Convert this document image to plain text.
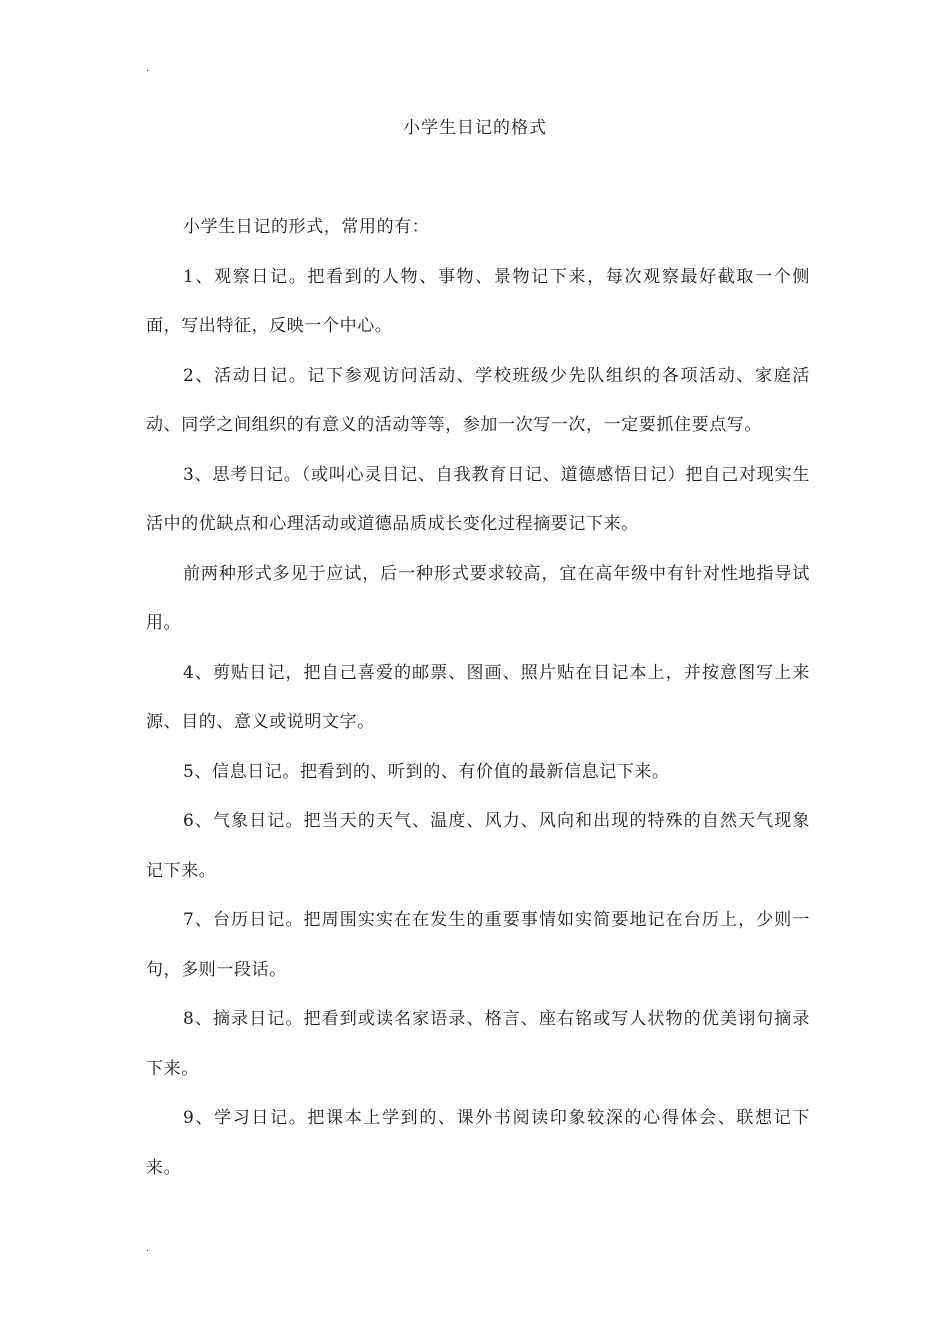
.
小学生日记的格式

小学生日记的形式，常用的有：

1、观察日记。把看到的人物、事物、景物记下来，每次观察最好截取一个侧面，写出特征，反映一个中心。

2、活动日记。记下参观访问活动、学校班级少先队组织的各项活动、家庭活动、同学之间组织的有意义的活动等等，参加一次写一次，一定要抓住要点写。

3、思考日记。（或叫心灵日记、自我教育日记、道德感悟日记）把自己对现实生活中的优缺点和心理活动或道德品质成长变化过程摘要记下来。

前两种形式多见于应试，后一种形式要求较高，宜在高年级中有针对性地指导试用。

4、剪贴日记，把自己喜爱的邮票、图画、照片贴在日记本上，并按意图写上来源、目的、意义或说明文字。

5、信息日记。把看到的、听到的、有价值的最新信息记下来。

6、气象日记。把当天的天气、温度、风力、风向和出现的特殊的自然天气现象记下来。

7、台历日记。把周围实实在在发生的重要事情如实简要地记在台历上，少则一句，多则一段话。

8、摘录日记。把看到或读名家语录、格言、座右铭或写人状物的优美诩句摘录下来。

9、学习日记。把课本上学到的、课外书阅读印象较深的心得体会、联想记下来。

.
